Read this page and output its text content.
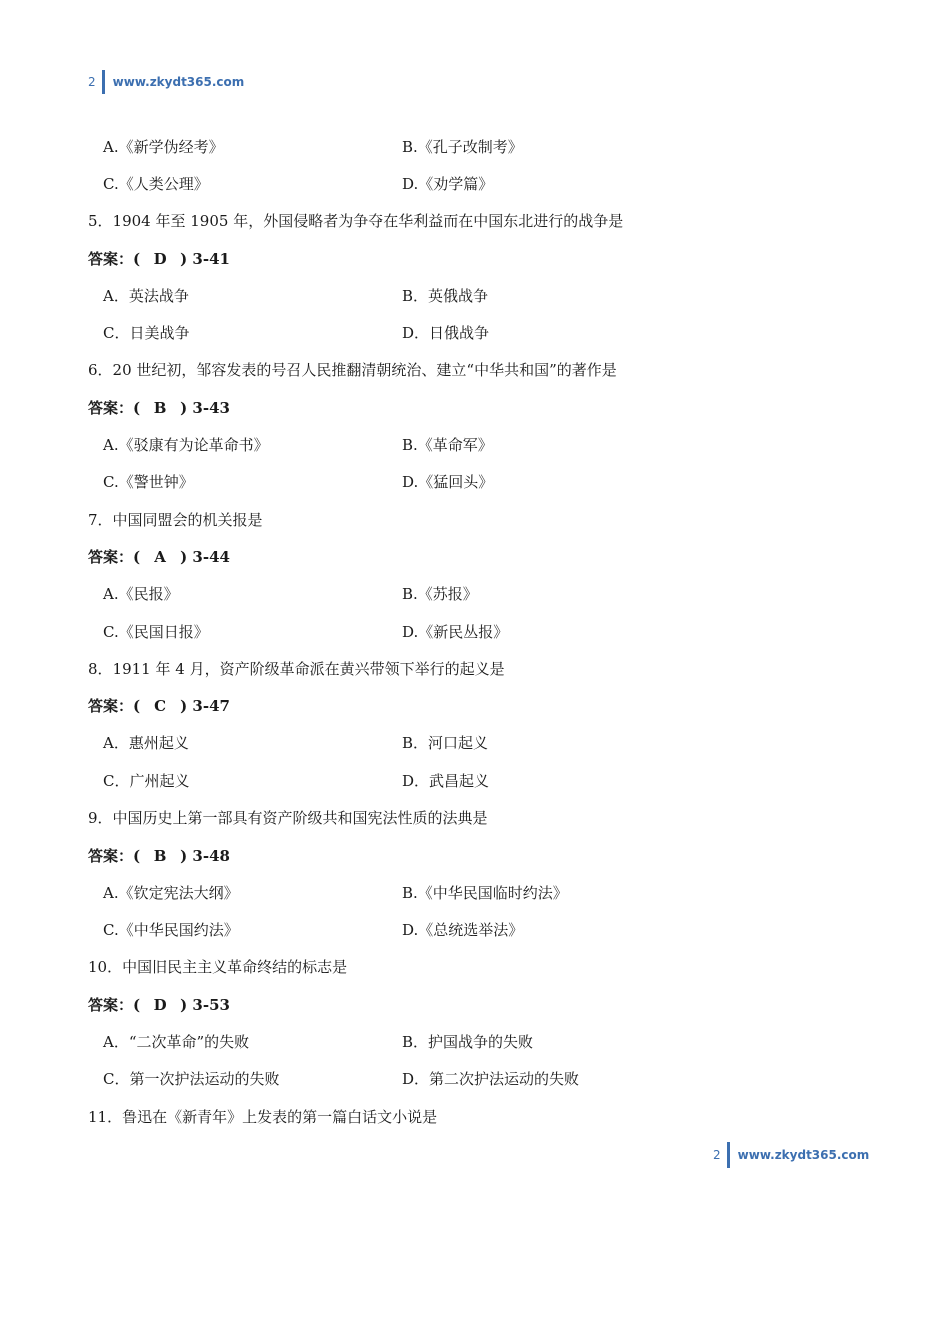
2 www.zkydt365.com
A.《新学伪经考》	B.《孔子改制考》
C.《人类公理》	D.《劝学篇》
5．1904 年至 1905 年，外国侵略者为争夺在华利益而在中国东北进行的战争是
答案：( D ) 3-41
A．英法战争	B．英俄战争
C．日美战争	D．日俄战争
6．20 世纪初，邹容发表的号召人民推翻清朝统治、建立“中华共和国”的著作是
答案：( B ) 3-43
A.《驳康有为论革命书》	B.《革命军》
C.《警世钟》	D.《猛回头》
7．中国同盟会的机关报是
答案：( A ) 3-44
A.《民报》	B.《苏报》
C.《民国日报》	D.《新民丛报》
8．1911 年 4 月，资产阶级革命派在黄兴带领下举行的起义是
答案：( C ) 3-47
A．惠州起义	B．河口起义
C．广州起义	D．武昌起义
9．中国历史上第一部具有资产阶级共和国宪法性质的法典是
答案：( B ) 3-48
A.《钦定宪法大纲》	B.《中华民国临时约法》
C.《中华民国约法》	D.《总统选举法》
10．中国旧民主主义革命终结的标志是
答案：( D ) 3-53
A．“二次革命”的失败	B．护国战争的失败
C．第一次护法运动的失败	D．第二次护法运动的失败
11．鲁迅在《新青年》上发表的第一篇白话文小说是
2 www.zkydt365.com
